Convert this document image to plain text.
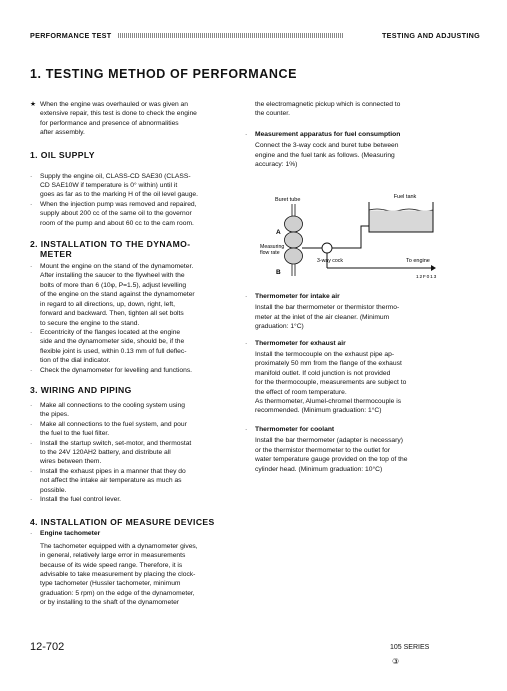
PERFORMANCE TEST	TESTING AND ADJUSTING
1. TESTING METHOD OF PERFORMANCE
★ When the engine was overhauled or was given an
extensive repair, this test is done to check the engine
for performance and presence of abnormalities
after assembly.

1. OIL SUPPLY

·	Supply the engine oil, CLASS-CD SAE30 (CLASS-
CD SAE10W if temperature is 0° within) until it
goes as far as to the marking H of the oil level gauge.
·	When the injection pump was removed and repaired,
supply about 200 cc of the same oil to the governor
room of the pump and about 60 cc to the cam room.

2. INSTALLATION TO THE DYNAMO-

METER

·	Mount the engine on the stand of the dynamometer.
After installing the saucer to the flywheel with the
bolts of more than 6 (10φ, P=1.5), adjust levelling
of the engine on the stand against the dynamometer
in regard to all directions, up, down, right, left,
forward and backward. Then, tighten all set bolts
to secure the engine to the stand.
·	Eccentricity of the flanges located at the engine
side and the dynamometer side, should be, if the
flexible joint is used, within 0.13 mm of full deflec-
tion of the dial indicator.
·	Check the dynamometer for levelling and functions.

3. WIRING AND PIPING

·	Make all connections to the cooling system using
the pipes.
·	Make all connections to the fuel system, and pour
the fuel to the fuel filter.
·	Install the startup switch, set-motor, and thermostat
to the 24V 120AH2 battery, and distribute all
wires between them.
·	Install the exhaust pipes in a manner that they do
not affect the intake air temperature as much as
possible.
·	Install the fuel control lever.

4. INSTALLATION OF MEASURE DEVICES

·	Engine tachometer
The tachometer equipped with a dynamometer gives,
in general, relatively large error in measurements
because of its wide speed range. Therefore, it is
advisable to take measurement by placing the clock-
type tachometer (Hussler tachometer, minimum
graduation: 5 rpm) on the edge of the dynamometer,
or by installing to the shaft of the dynamometer
the electromagnetic pickup which is connected to
the counter.
·	Measurement apparatus for fuel consumption
Connect the 3-way cock and buret tube between
engine and the fuel tank as follows. (Measuring
accuracy: 1%)
Fuel tank
Buret tube
A
B
Measuring
flow rate
3-way cock	To engine
12F013
·	Thermometer for intake air
Install the bar thermometer or thermistor thermo-
meter at the inlet of the air cleaner. (Minimum
graduation: 1°C)
·	Thermometer for exhaust air
Install the termocouple on the exhaust pipe ap-
proximately 50 mm from the flange of the exhaust
manifold outlet. If cold junction is not provided
for the thermocouple, measurements are subject to
the effect of room temperature.
As thermometer, Alumel-chromel thermocouple is
recommended. (Minimum graduation: 1°C)
·	Thermometer for coolant
Install the bar thermometer (adapter is necessary)
or the thermistor thermometer to the outlet for
water temperature gauge provided on the top of the
cylinder head. (Minimum graduation: 10°C)
12-702	105 SERIES
③
